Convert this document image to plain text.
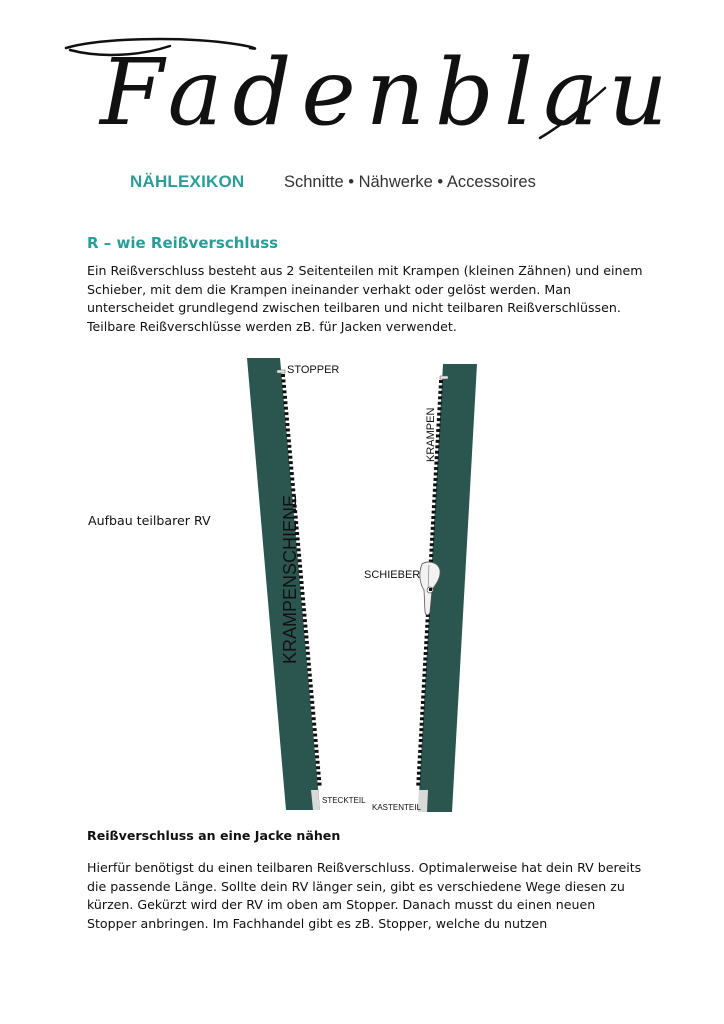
Fadenblau
NÄHLEXIKON Schnitte • Nähwerke • Accessoires
R – wie Reißverschluss

Ein Reißverschluss besteht aus 2 Seitenteilen mit Krampen (kleinen Zähnen) und einem Schieber, mit dem die Krampen ineinander verhakt oder gelöst werden. Man unterscheidet grundlegend zwischen teilbaren und nicht teilbaren Reißverschlüssen. Teilbare Reißverschlüsse werden zB. für Jacken verwendet.

Aufbau teilbarer RV
STOPPER
KRAMPENSCHIENE
KRAMPEN
SCHIEBER
STECKTEIL
KASTENTEIL
Reißverschluss an eine Jacke nähen

Hierfür benötigst du einen teilbaren Reißverschluss. Optimalerweise hat dein RV bereits die passende Länge. Sollte dein RV länger sein, gibt es verschiedene Wege diesen zu kürzen. Gekürzt wird der RV im oben am Stopper. Danach musst du einen neuen Stopper anbringen. Im Fachhandel gibt es zB. Stopper, welche du nutzen
